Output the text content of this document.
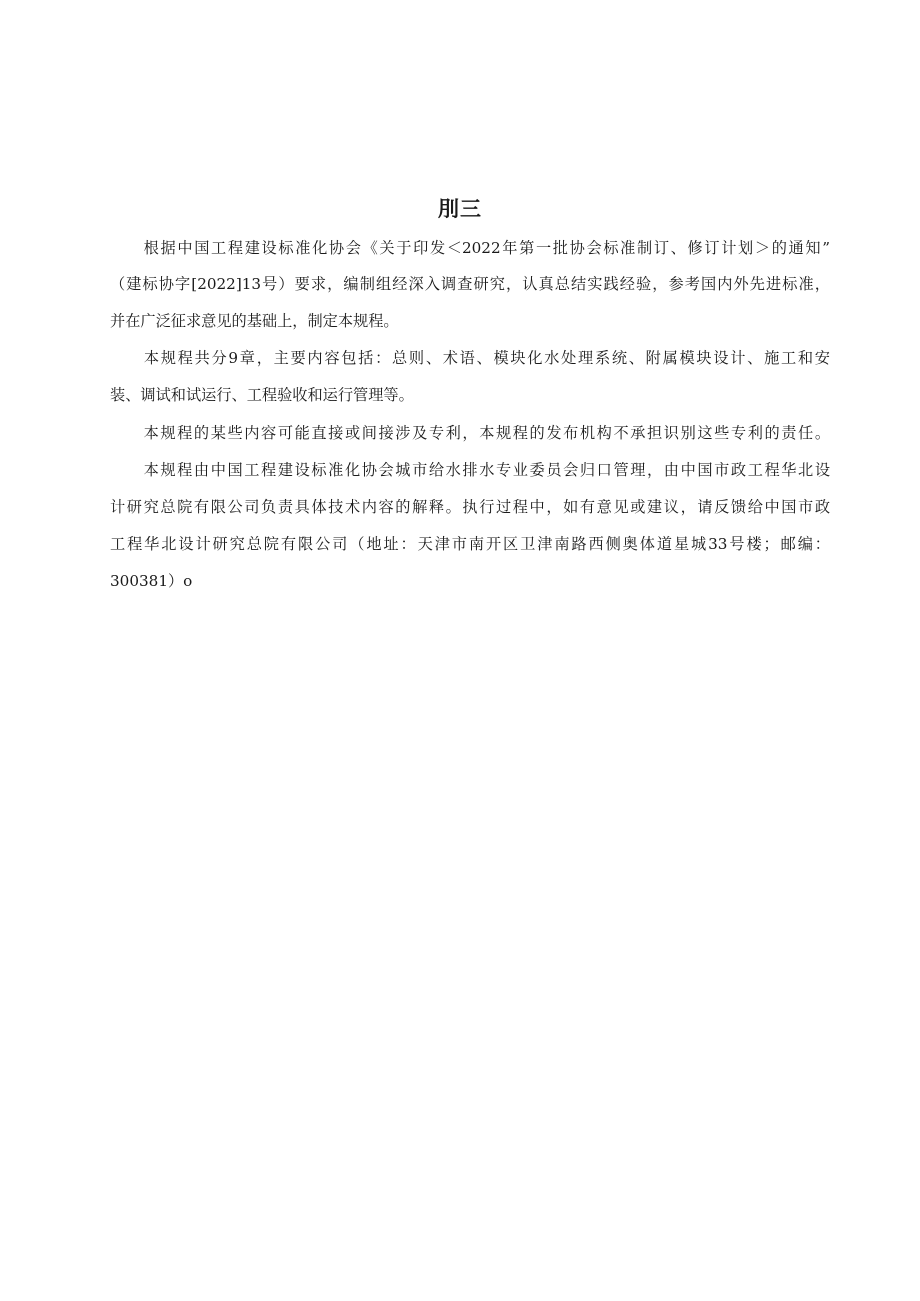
刖三
　　根据中国工程建设标准化协会《关于印发＜2022年第一批协会标准制订、修订计划＞的通知”
（建标协字[2022]13号）要求，编制组经深入调查研究，认真总结实践经验，参考国内外先进标准，
并在广泛征求意见的基础上，制定本规程。
　　本规程共分9章，主要内容包括：总则、术语、模块化水处理系统、附属模块设计、施工和安
装、调试和试运行、工程验收和运行管理等。
　　本规程的某些内容可能直接或间接涉及专利，本规程的发布机构不承担识别这些专利的责任。
　　本规程由中国工程建设标准化协会城市给水排水专业委员会归口管理，由中国市政工程华北设
计研究总院有限公司负责具体技术内容的解释。执行过程中，如有意见或建议，请反馈给中国市政
工程华北设计研究总院有限公司（地址：天津市南开区卫津南路西侧奥体道星城33号楼；邮编：
300381）o
